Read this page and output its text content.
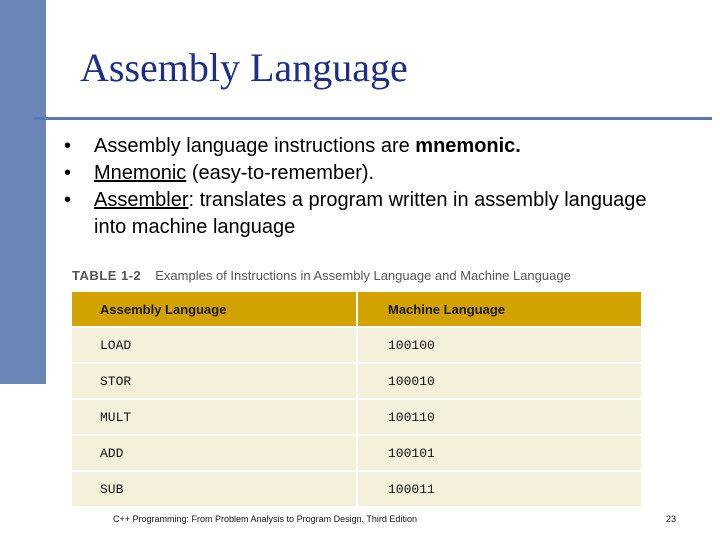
Assembly Language
• Assembly language instructions are mnemonic.
• Mnemonic (easy-to-remember).
• Assembler: translates a program written in assembly language into machine language
TABLE 1-2 Examples of Instructions in Assembly Language and Machine Language
Assembly Language	Machine Language
LOAD	100100
STOR	100010
MULT	100110
ADD	100101
SUB	100011
C++ Programming: From Problem Analysis to Program Design, Third Edition	23
